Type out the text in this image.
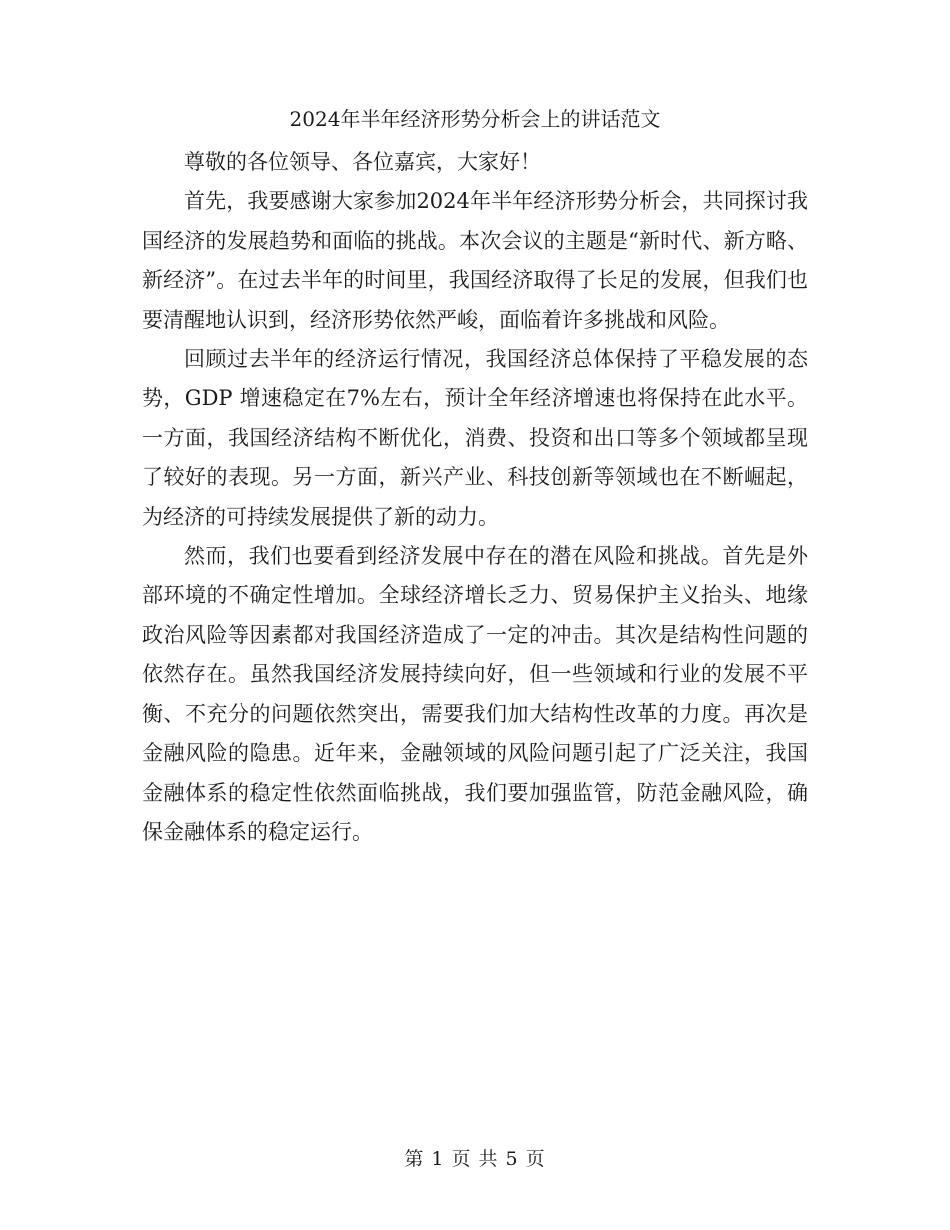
2024年半年经济形势分析会上的讲话范文

尊敬的各位领导、各位嘉宾，大家好！

首先，我要感谢大家参加2024年半年经济形势分析会，共同探讨我国经济的发展趋势和面临的挑战。本次会议的主题是“新时代、新方略、新经济”。在过去半年的时间里，我国经济取得了长足的发展，但我们也要清醒地认识到，经济形势依然严峻，面临着许多挑战和风险。

回顾过去半年的经济运行情况，我国经济总体保持了平稳发展的态势，GDP 增速稳定在7%左右，预计全年经济增速也将保持在此水平。一方面，我国经济结构不断优化，消费、投资和出口等多个领域都呈现了较好的表现。另一方面，新兴产业、科技创新等领域也在不断崛起，为经济的可持续发展提供了新的动力。

然而，我们也要看到经济发展中存在的潜在风险和挑战。首先是外部环境的不确定性增加。全球经济增长乏力、贸易保护主义抬头、地缘政治风险等因素都对我国经济造成了一定的冲击。其次是结构性问题的依然存在。虽然我国经济发展持续向好，但一些领域和行业的发展不平衡、不充分的问题依然突出，需要我们加大结构性改革的力度。再次是金融风险的隐患。近年来，金融领域的风险问题引起了广泛关注，我国金融体系的稳定性依然面临挑战，我们要加强监管，防范金融风险，确保金融体系的稳定运行。

第 1 页 共 5 页
